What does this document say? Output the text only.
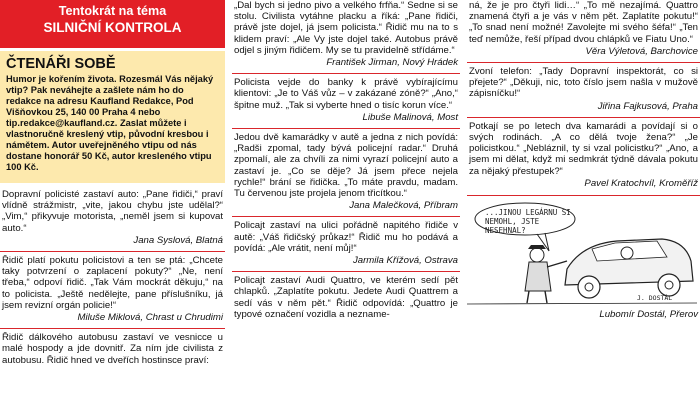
Tentokrát na téma
SILNIČNÍ KONTROLA
ČTENÁŘI SOBĚ

Humor je kořením života. Rozesmál Vás nějaký vtip? Pak neváhejte a zašlete nám ho do redakce na adresu Kaufland Redakce, Pod Višňovkou 25, 140 00 Praha 4 nebo tip.redakce@kaufland.cz. Zaslat můžete i vlastnoručně kreslený vtip, původní kresbou i námětem. Autor uveřejněného vtipu od nás dostane honorář 50 Kč, autor kresleného vtipu 100 Kč.

Dopravní policisté zastaví auto: „Pane řidiči,“ praví vlídně strážmistr, „vite, jakou chybu jste udělal?“ „Vim,“ přikyvuje motorista, „neměl jsem si kupovat auto.“

Jana Syslová, Blatná

Řidič platí pokutu policistovi a ten se ptá: „Chcete taky potvrzení o zaplacení pokuty?“ „Ne, není třeba,“ odpoví řidič. „Tak Vám mockrát děkuju,“ na to policista. „Ještě nedělejte, pane příslušníku, já jsem revizní orgán policie!“

Miluše Miklová, Chrast u Chrudimi

Řidič dálkového autobusu zastaví ve vesnicce u malé hospody a jde dovnitř. Za ním jde civilista z autobusu. Řidič hned ve dveřích hostinsce praví:

„Dal bych si jedno pivo a velkého frfňa.“ Sedne si se stolu. Civilista vytáhne placku a říká: „Pane řidiči, právě jste dojel, já jsem policista.“ Řidič mu na to s klidem praví: „Ale Vy jste dojel také. Autobus právě odjel s jiným řidičem. My se tu pravidelně střídáme.“

František Jirman, Nový Hrádek

Policista vejde do banky k právě vybírajícímu klientovi: „Je to Váš vůz – v zakázané zóně?“ „Ano,“ špitne muž. „Tak si vyberte hned o tisíc korun více.“

Libuše Malinová, Most

Jedou dvě kamarádky v autě a jedna z nich povídá: „Radši zpomal, tady bývá policejní radar.“ Druhá zpomalí, ale za chvíli za nimi vyrazí policejní auto a zastaví je. „Co se děje? Já jsem přece nejela rychle!“ brání se řidička. „To máte pravdu, madam. Tu červenou jste projela jenom třicítkou.“

Jana Malečková, Příbram

Policajt zastaví na ulici pořádně napitého řidiče v autě: „Váš řidičský průkaz!“ Řidič mu ho podává a povídá: „Ale vrátit, není můj!“

Jarmila Křížová, Ostrava

Policajt zastaví Audi Quattro, ve kterém sedí pět chlapků. „Zaplatíte pokutu. Jedete Audi Quattrem a sedí vás v něm pět.“ Řidič odpovídá: „Quattro je typové označení vozidla a nezname-

ná, že je pro čtyři lidi…“ „To mě nezajímá. Quattro znamená čtyři a je vás v něm pět. Zaplatíte pokutu!“ „To snad není možné! Zavolejte mi svého šéfa!“ „Ten teď nemůže, řeší případ dvou chlápků ve Fiatu Uno.“

Věra Výletová, Barchovice

Zvoní telefon: „Tady Dopravní inspektorát, co si přejete?“ „Děkuji, nic, toto číslo jsem našla v mužově zápisníčku!“

Jiřina Fajkusová, Praha

Potkají se po letech dva kamarádi a povídají si o svých rodinách. „A co dělá tvoje žena?“ „Je policistkou.“ „Nebláznil, ty si vzal policistku?“ „Ano, a jsem mi dělat, když mi sedmkrát týdně dávala pokutu za nějaký přestupek?“

Pavel Kratochvíl, Kroměříž
...JINOU LEGÁRNU SI NEMOHL, JSTE NESEHNAL?
J. DOSTÁL
Lubomír Dostál, Přerov
